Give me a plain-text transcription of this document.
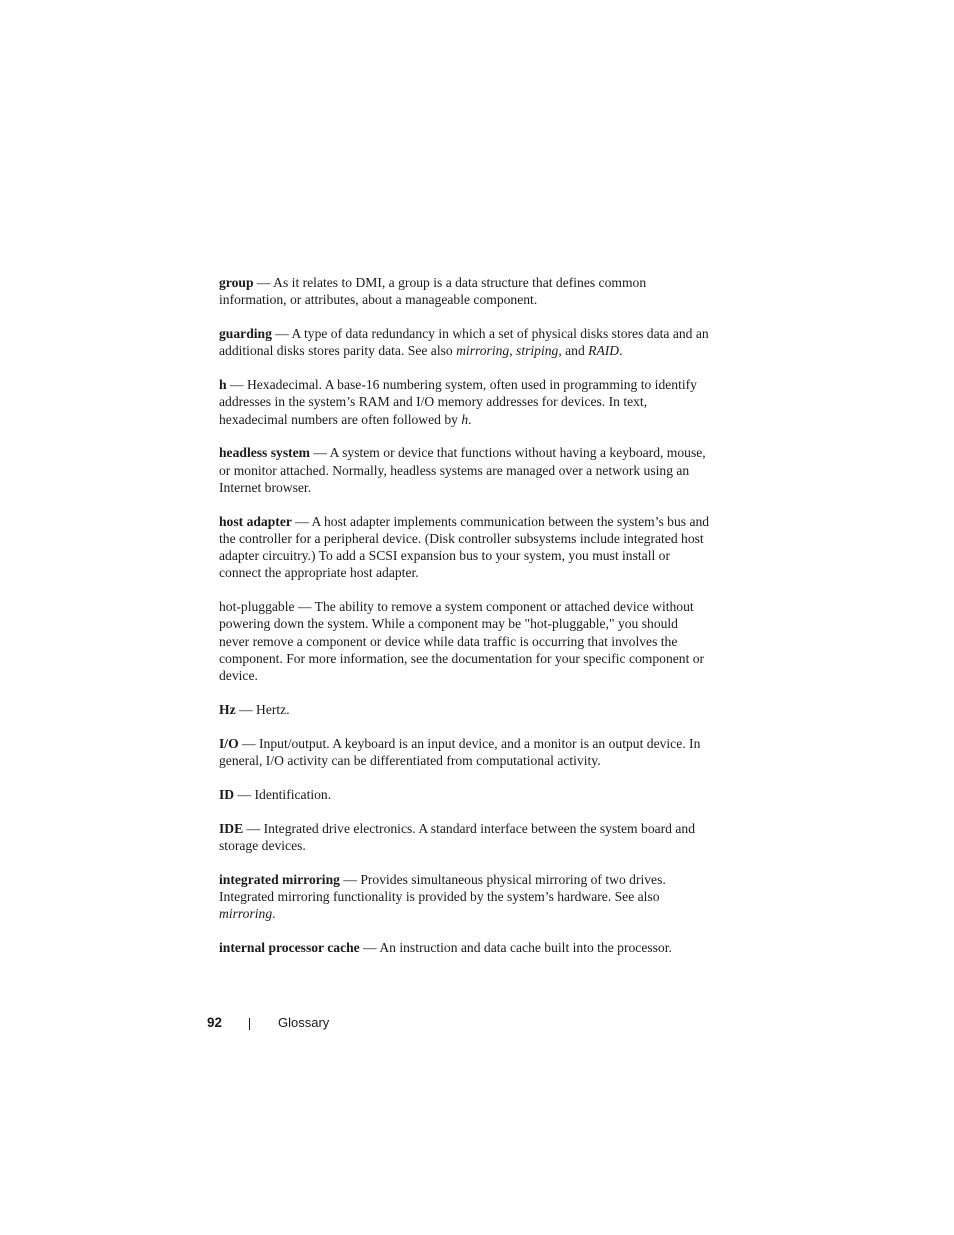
group — As it relates to DMI, a group is a data structure that defines common information, or attributes, about a manageable component.

guarding — A type of data redundancy in which a set of physical disks stores data and an additional disks stores parity data. See also mirroring, striping, and RAID.

h — Hexadecimal. A base-16 numbering system, often used in programming to identify addresses in the system’s RAM and I/O memory addresses for devices. In text, hexadecimal numbers are often followed by h.

headless system — A system or device that functions without having a keyboard, mouse, or monitor attached. Normally, headless systems are managed over a network using an Internet browser.

host adapter — A host adapter implements communication between the system’s bus and the controller for a peripheral device. (Disk controller subsystems include integrated host adapter circuitry.) To add a SCSI expansion bus to your system, you must install or connect the appropriate host adapter.

hot-pluggable — The ability to remove a system component or attached device without powering down the system. While a component may be "hot-pluggable," you should never remove a component or device while data traffic is occurring that involves the component. For more information, see the documentation for your specific component or device.

Hz — Hertz.

I/O — Input/output. A keyboard is an input device, and a monitor is an output device. In general, I/O activity can be differentiated from computational activity.

ID — Identification.

IDE — Integrated drive electronics. A standard interface between the system board and storage devices.

integrated mirroring — Provides simultaneous physical mirroring of two drives. Integrated mirroring functionality is provided by the system’s hardware. See also mirroring.

internal processor cache — An instruction and data cache built into the processor.

92	Glossary
